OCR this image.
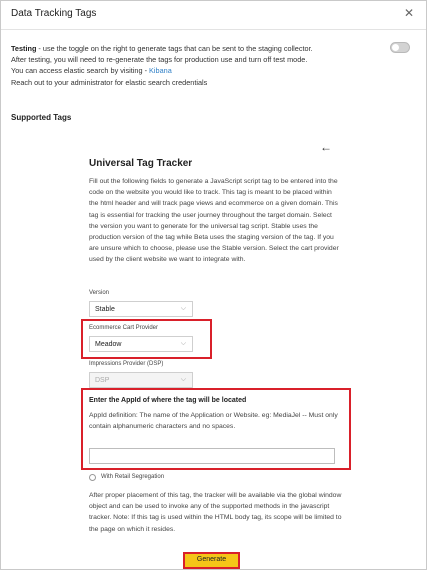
Data Tracking Tags	✕
Testing - use the toggle on the right to generate tags that can be sent to the staging collector.
After testing, you will need to re-generate the tags for production use and turn off test mode.
You can access elastic search by visiting - Kibana
Reach out to your administrator for elastic search credentials
Supported Tags
←
Universal Tag Tracker
Fill out the following fields to generate a JavaScript script tag to be entered into the code on the website you would like to track. This tag is meant to be placed within the html header and will track page views and ecommerce on a given domain. This tag is essential for tracking the user journey throughout the target domain. Select the version you want to generate for the universal tag script. Stable uses the production version of the tag while Beta uses the staging version of the tag. If you are unsure which to choose, please use the Stable version. Select the cart provider used by the client website we want to integrate with.
Version
Stable	⌵
Ecommerce Cart Provider
Meadow	⌵
Impressions Provider (DSP)
DSP	⌵
Enter the AppId of where the tag will be located
AppId definition: The name of the Application or Website. eg: MediaJel -- Must only contain alphanumeric characters and no spaces.
With Retail Segregation
After proper placement of this tag, the tracker will be available via the global window object and can be used to invoke any of the supported methods in the javascript tracker. Note: If this tag is used within the HTML body tag, its scope will be limited to the page on which it resides.
Generate
